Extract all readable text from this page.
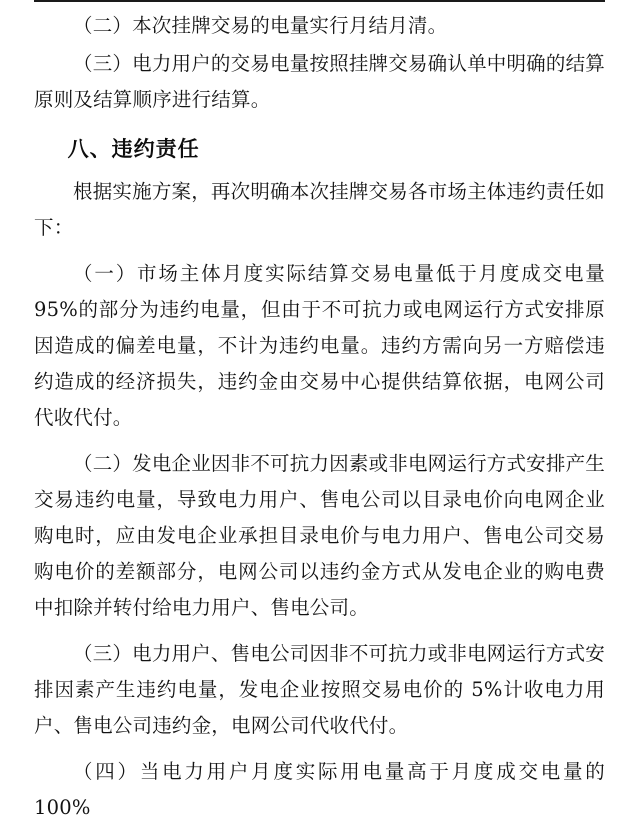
（二）本次挂牌交易的电量实行月结月清。

（三）电力用户的交易电量按照挂牌交易确认单中明确的结算原则及结算顺序进行结算。

八、违约责任

根据实施方案，再次明确本次挂牌交易各市场主体违约责任如下：

（一）市场主体月度实际结算交易电量低于月度成交电量95%的部分为违约电量，但由于不可抗力或电网运行方式安排原因造成的偏差电量，不计为违约电量。违约方需向另一方赔偿违约造成的经济损失，违约金由交易中心提供结算依据，电网公司代收代付。

（二）发电企业因非不可抗力因素或非电网运行方式安排产生交易违约电量，导致电力用户、售电公司以目录电价向电网企业购电时，应由发电企业承担目录电价与电力用户、售电公司交易购电价的差额部分，电网公司以违约金方式从发电企业的购电费中扣除并转付给电力用户、售电公司。

（三）电力用户、售电公司因非不可抗力或非电网运行方式安排因素产生违约电量，发电企业按照交易电价的 5%计收电力用户、售电公司违约金，电网公司代收代付。

（四）当电力用户月度实际用电量高于月度成交电量的 100%
